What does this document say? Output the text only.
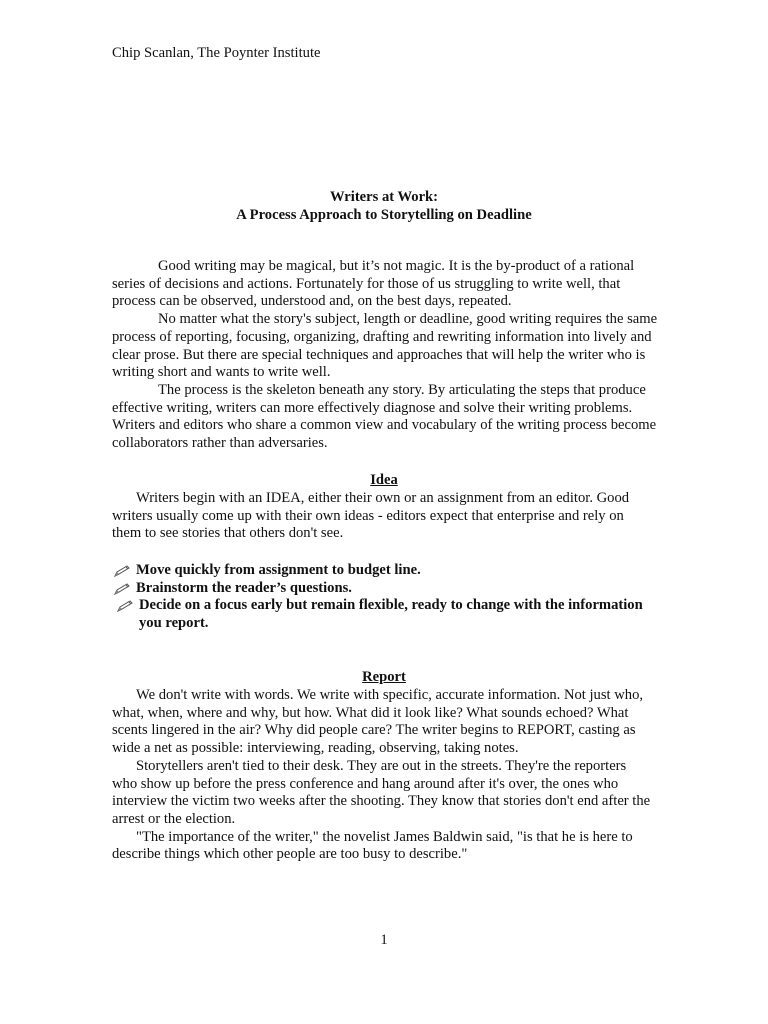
Chip Scanlan, The Poynter Institute
Writers at Work:
A Process Approach to Storytelling on Deadline

Good writing may be magical, but it’s not magic. It is the by-product of a rational series of decisions and actions. Fortunately for those of us struggling to write well, that process can be observed, understood and, on the best days, repeated.

No matter what the story's subject, length or deadline, good writing requires the same process of reporting, focusing, organizing, drafting and rewriting information into lively and clear prose. But there are special techniques and approaches that will help the writer who is writing short and wants to write well.

The process is the skeleton beneath any story. By articulating the steps that produce effective writing, writers can more effectively diagnose and solve their writing problems. Writers and editors who share a common view and vocabulary of the writing process become collaborators rather than adversaries.

Idea

Writers begin with an IDEA, either their own or an assignment from an editor. Good writers usually come up with their own ideas - editors expect that enterprise and rely on them to see stories that others don't see.

Move quickly from assignment to budget line.
Brainstorm the reader’s questions.
Decide on a focus early but remain flexible, ready to change with the information you report.
Report

We don't write with words. We write with specific, accurate information. Not just who, what, when, where and why, but how. What did it look like? What sounds echoed? What scents lingered in the air? Why did people care? The writer begins to REPORT, casting as wide a net as possible: interviewing, reading, observing, taking notes.

Storytellers aren't tied to their desk. They are out in the streets. They're the reporters who show up before the press conference and hang around after it's over, the ones who interview the victim two weeks after the shooting. They know that stories don't end after the arrest or the election.

"The importance of the writer," the novelist James Baldwin said, "is that he is here to describe things which other people are too busy to describe."

1
